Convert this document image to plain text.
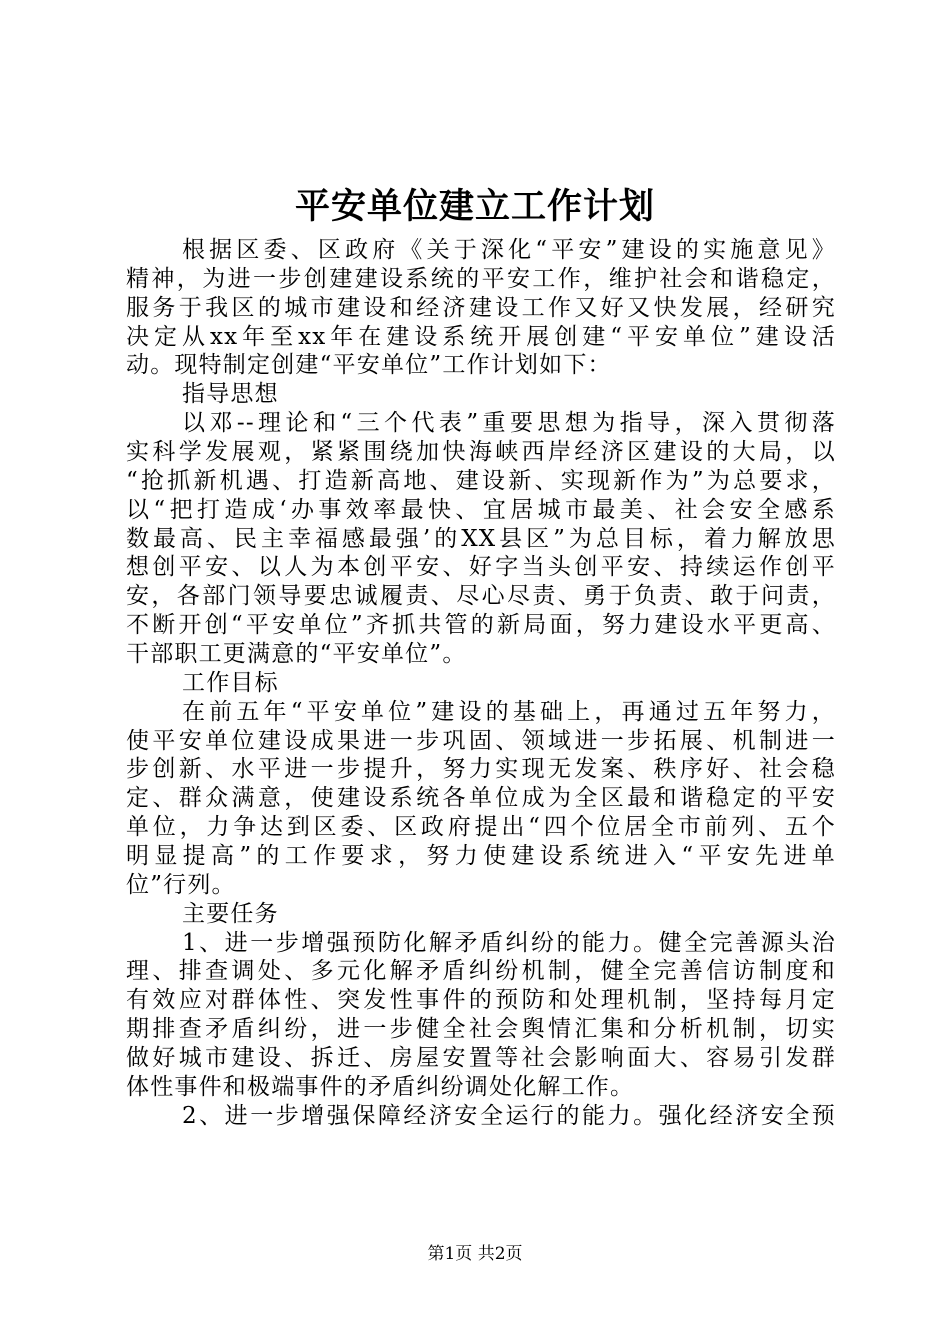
平安单位建立工作计划
根据区委、区政府《关于深化“平安”建设的实施意见》
精神，为进一步创建建设系统的平安工作，维护社会和谐稳定，
服务于我区的城市建设和经济建设工作又好又快发展，经研究
决定从xx年至xx年在建设系统开展创建“平安单位”建设活
动。现特制定创建“平安单位”工作计划如下：
指导思想
以邓--理论和“三个代表”重要思想为指导，深入贯彻落
实科学发展观，紧紧围绕加快海峡西岸经济区建设的大局，以
“抢抓新机遇、打造新高地、建设新、实现新作为”为总要求，
以“把打造成‘办事效率最快、宜居城市最美、社会安全感系
数最高、民主幸福感最强’的XX县区”为总目标，着力解放思
想创平安、以人为本创平安、好字当头创平安、持续运作创平
安，各部门领导要忠诚履责、尽心尽责、勇于负责、敢于问责，
不断开创“平安单位”齐抓共管的新局面，努力建设水平更高、
干部职工更满意的“平安单位”。
工作目标
在前五年“平安单位”建设的基础上，再通过五年努力，
使平安单位建设成果进一步巩固、领域进一步拓展、机制进一
步创新、水平进一步提升，努力实现无发案、秩序好、社会稳
定、群众满意，使建设系统各单位成为全区最和谐稳定的平安
单位，力争达到区委、区政府提出“四个位居全市前列、五个
明显提高”的工作要求，努力使建设系统进入“平安先进单
位”行列。
主要任务
1、进一步增强预防化解矛盾纠纷的能力。健全完善源头治
理、排查调处、多元化解矛盾纠纷机制，健全完善信访制度和
有效应对群体性、突发性事件的预防和处理机制，坚持每月定
期排查矛盾纠纷，进一步健全社会舆情汇集和分析机制，切实
做好城市建设、拆迁、房屋安置等社会影响面大、容易引发群
体性事件和极端事件的矛盾纠纷调处化解工作。
2、进一步增强保障经济安全运行的能力。强化经济安全预
第1页 共2页
